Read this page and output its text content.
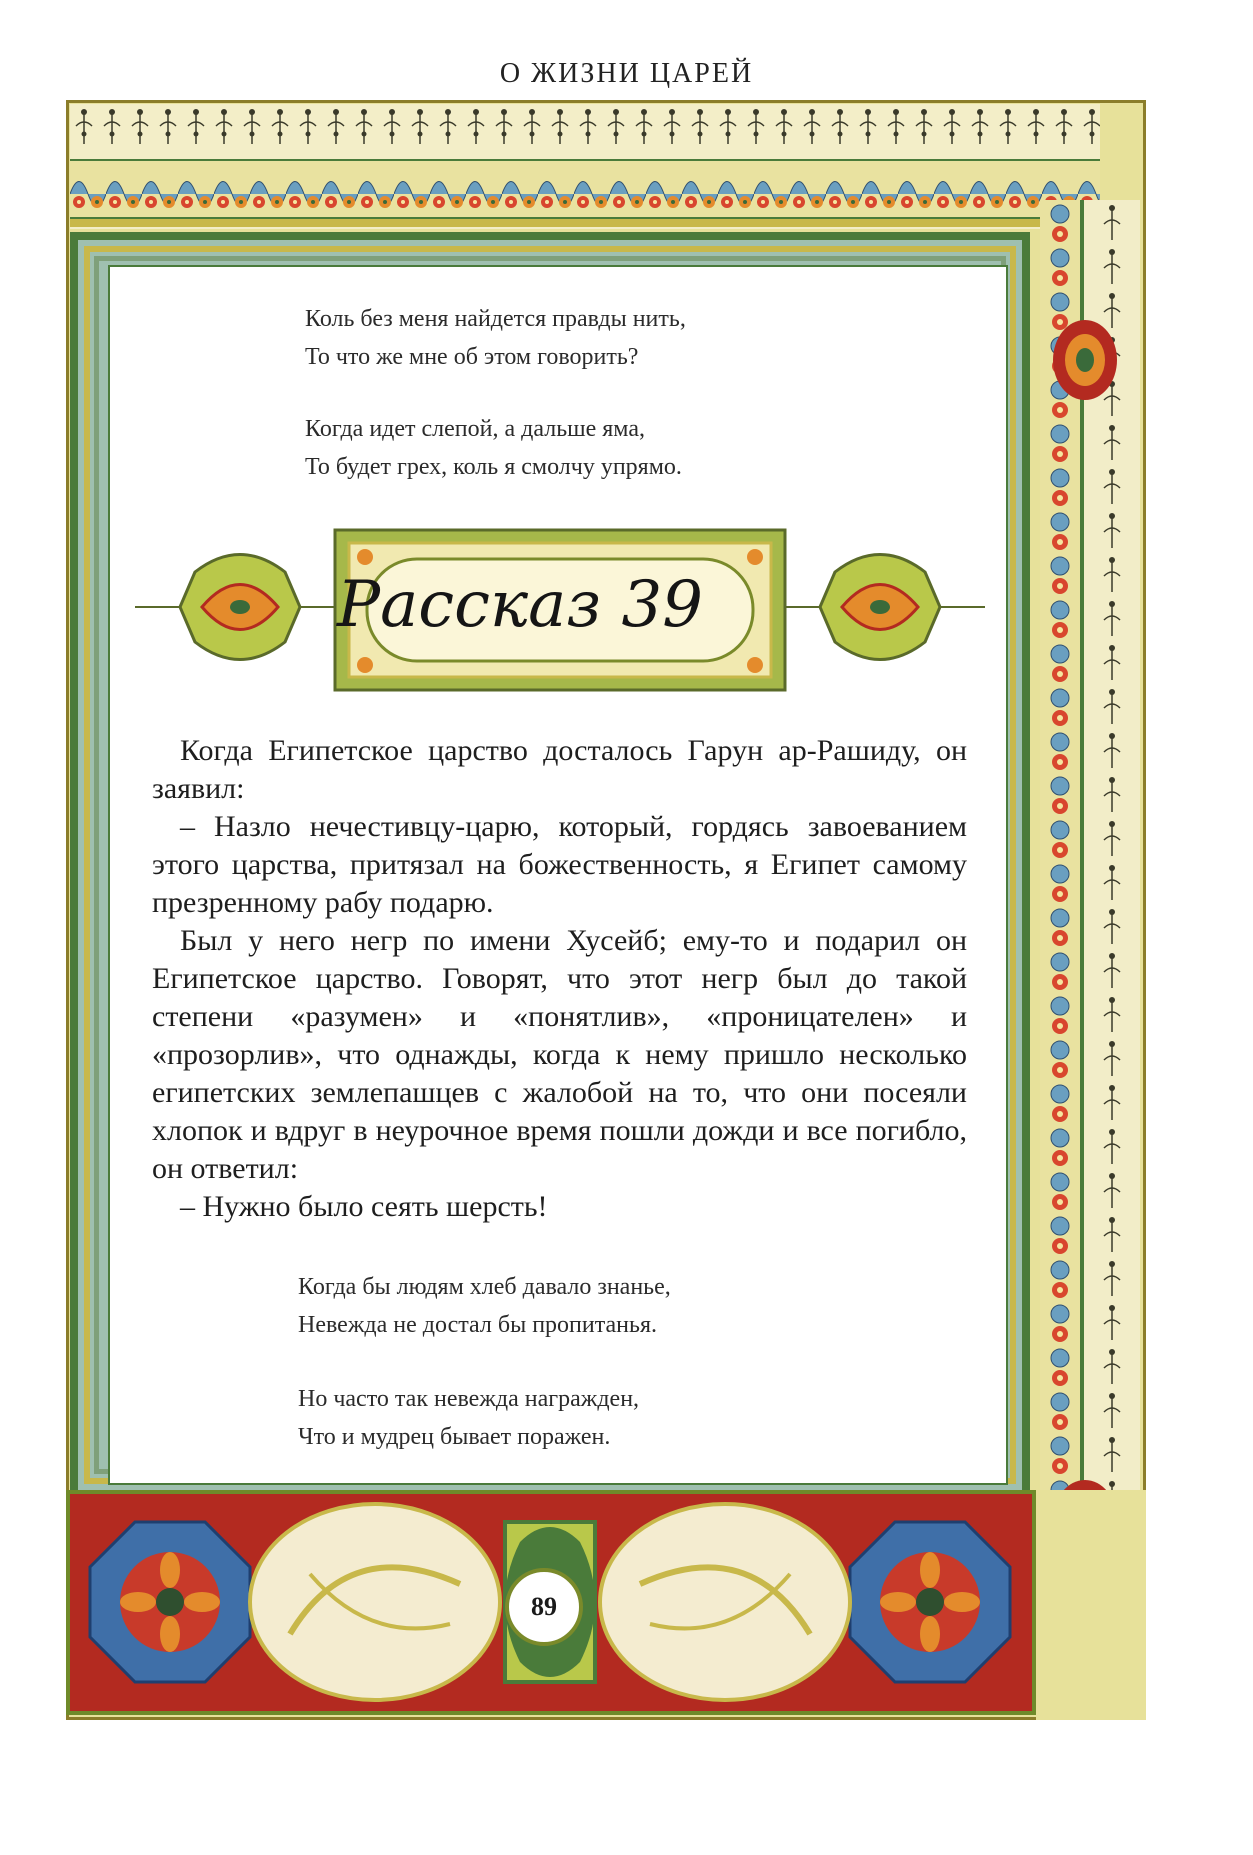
О ЖИЗНИ ЦАРЕЙ

Коль без меня найдется правды нить,

То что же мне об этом говорить?

Когда идет слепой, а дальше яма,

То будет грех, коль я смолчу упрямо.

Рассказ 39

Когда Египетское царство досталось Гарун ар-Рашиду, он заявил:

– Назло нечестивцу-царю, который, гордясь завоеванием этого царства, притязал на божественность, я Египет самому презренному рабу подарю.

Был у него негр по имени Хусейб; ему-то и подарил он Египетское царство. Говорят, что этот негр был до такой степени «разумен» и «понятлив», «проницателен» и «прозорлив», что однажды, когда к нему пришло несколько египетских землепашцев с жалобой на то, что они посеяли хлопок и вдруг в неурочное время пошли дожди и все погибло, он ответил:

– Нужно было сеять шерсть!

Когда бы людям хлеб давало знанье,

Невежда не достал бы пропитанья.

Но часто так невежда награжден,

Что и мудрец бывает поражен.

89
